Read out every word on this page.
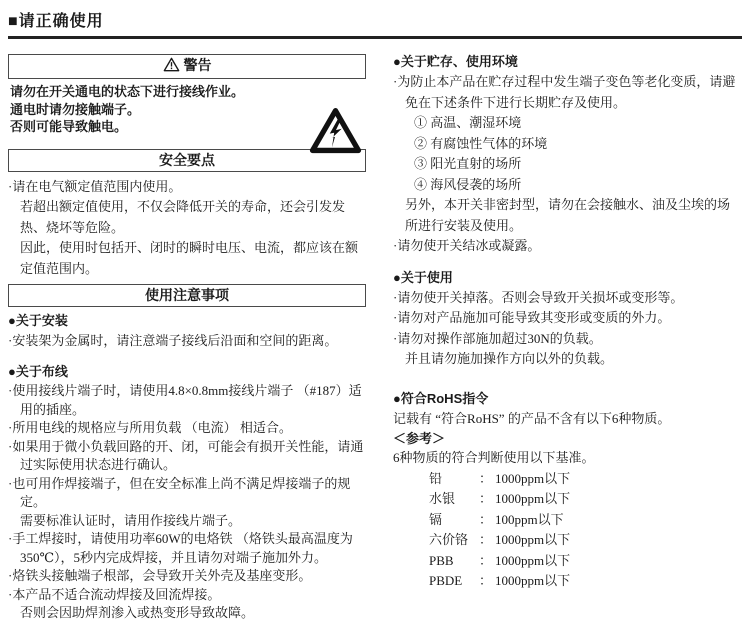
■请正确使用
警告

请勿在开关通电的状态下进行接线作业。

通电时请勿接触端子。

否则可能导致触电。

安全要点

·请在电气额定值范围内使用。

若超出额定值使用，不仅会降低开关的寿命，还会引发发热、烧坏等危险。

因此，使用时包括开、闭时的瞬时电压、电流，都应该在额定值范围内。

使用注意事项
●关于安装

·安装架为金属时，请注意端子接线后沿面和空间的距离。

●关于布线

·使用接线片端子时，请使用4.8×0.8mm接线片端子 （#187）适用的插座。

·所用电线的规格应与所用负载 （电流） 相适合。

·如果用于微小负载回路的开、闭，可能会有损开关性能，请通过实际使用状态进行确认。

·也可用作焊接端子，但在安全标准上尚不满足焊接端子的规定。

需要标准认证时，请用作接线片端子。

·手工焊接时，请使用功率60W的电烙铁 （烙铁头最高温度为350℃），5秒内完成焊接，并且请勿对端子施加外力。

·烙铁头接触端子根部，会导致开关外壳及基座变形。

·本产品不适合流动焊接及回流焊接。

否则会因助焊剂渗入或热变形导致故障。

●关于贮存、使用环境

·为防止本产品在贮存过程中发生端子变色等老化变质，请避免在下述条件下进行长期贮存及使用。

① 高温、潮湿环境

② 有腐蚀性气体的环境

③ 阳光直射的场所

④ 海风侵袭的场所

另外，本开关非密封型，请勿在会接触水、油及尘埃的场所进行安装及使用。

·请勿使开关结冰或凝露。

●关于使用

·请勿使开关掉落。否则会导致开关损坏或变形等。

·请勿对产品施加可能导致其变形或变质的外力。

·请勿对操作部施加超过30N的负载。

并且请勿施加操作方向以外的负载。

●符合RoHS指令

记载有 “符合RoHS” 的产品不含有以下6种物质。

＜参考＞

6种物质的符合判断使用以下基准。

铅	： 1000ppm以下

水银 ： 1000ppm以下

镉	： 100ppm以下

六价铬 ： 1000ppm以下

PBB ： 1000ppm以下

PBDE ： 1000ppm以下
